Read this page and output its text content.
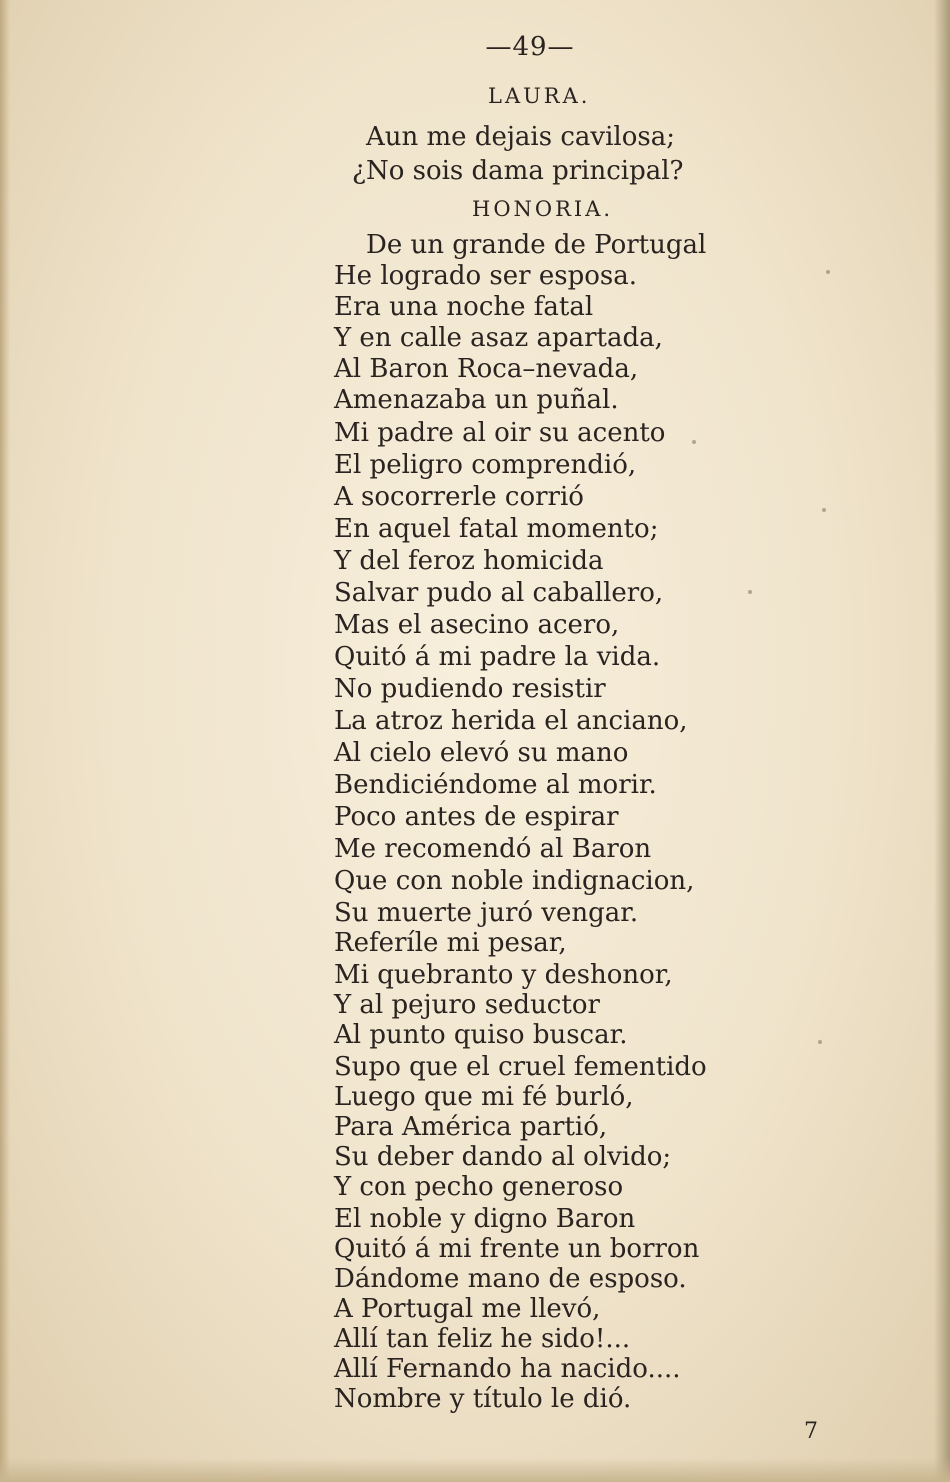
—49—
LAURA.
Aun me dejais cavilosa;
¿No sois dama principal?
HONORIA.
De un grande de Portugal
He logrado ser esposa.
Era una noche fatal
Y en calle asaz apartada,
Al Baron Roca–nevada,
Amenazaba un puñal.
Mi padre al oir su acento
El peligro comprendió,
A socorrerle corrió
En aquel fatal momento;
Y del feroz homicida
Salvar pudo al caballero,
Mas el asecino acero,
Quitó á mi padre la vida.
No pudiendo resistir
La atroz herida el anciano,
Al cielo elevó su mano
Bendiciéndome al morir.
Poco antes de espirar
Me recomendó al Baron
Que con noble indignacion,
Su muerte juró vengar.
Referíle mi pesar,
Mi quebranto y deshonor,
Y al pejuro seductor
Al punto quiso buscar.
Supo que el cruel fementido
Luego que mi fé burló,
Para América partió,
Su deber dando al olvido;
Y con pecho generoso
El noble y digno Baron
Quitó á mi frente un borron
Dándome mano de esposo.
A Portugal me llevó,
Allí tan feliz he sido!...
Allí Fernando ha nacido....
Nombre y título le dió.
7
